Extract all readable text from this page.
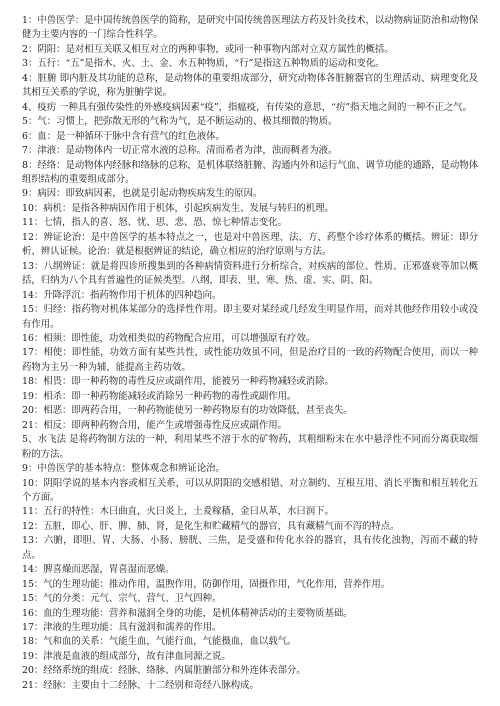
1：中兽医学：是中国传统兽医学的简称，是研究中国传统兽医理法方药及针灸技术，以动物病证防治和动物保健为主要内容的一门综合性科学。

2：阴阳：是对相互关联又相互对立的两种事物，或同一种事物内部对立双方属性的概括。

3：五行：“五”是指木、火、土、金、水五种物质，“行”是指这五种物质的运动和变化。

4：脏腑 即内脏及其功能的总称，是动物体的重要组成部分，研究动物体各脏腑器官的生理活动、病理变化及其相互关系的学说，称为脏腑学说。

4、疫疠 一种具有强传染性的外感疫病因素“疫”，指瘟疫，有传染的意思，“疠”指天地之间的一种不正之气。

5：气：习惯上，把弥散无形的气称为气，是不断运动的、极其细微的物质。

6：血：是一种循环于脉中含有营气的红色液体。

7：津液：是动物体内一切正常水液的总称。清而希者为津，浊而稠者为液。

8：经络：是动物体内经脉和络脉的总称，是机体联络脏腑、沟通内外和运行气血、调节功能的通路，是动物体组织结构的重要组成部分。

9：病因：即致病因素，也就是引起动物疾病发生的原因。

10：病机：是指各种病因作用于机体，引起疾病发生、发展与转归的机理。

11：七情，指人的喜、怒、忧、思、悲、恐、惊七种情志变化。

12：辨证论治：是中兽医学的基本特点之一，也是对中兽医理、法、方、药整个诊疗体系的概括。辨证：即分析、辨认证候。论治：就是根据辨证的结论，确立相应的治疗原则与方法。

13：八纲辨证：就是将四诊所搜集到的各种病情资料进行分析综合，对疾病的部位、性质、正邪盛衰等加以概括，归纳为八个具有普遍性的证候类型。八纲，即表、里、寒、热、虚、实、阴、阳。

14：升降浮沉：指药物作用于机体的四种趋向。

15：归经：指药物对机体某部分的选择性作用。即主要对某经或几经发生明显作用，而对其他经作用较小或没有作用。

16：相须：即性能，功效相类似的药物配合应用，可以增强原有疗效。

17：相使：即性能，功效方面有某些共性，或性能功效虽不同，但是治疗目的一致的药物配合使用，而以一种药物为主另一种为辅，能提高主药功效。

18：相畏：即一种药物的毒性反应或副作用，能被另一种药物减轻或消除。

19：相杀：即一种药物能减轻或消除另一种药物的毒性或副作用。

20：相恶：即两药合用，一种药物能使另一种药物原有的功效降低，甚至丧失。

21：相反：即两种药物合用，能产生或增强毒性反应或副作用。

5、水飞法 是将药物制方法的一种，利用某些不溶于水的矿物药，其粗细粉末在水中悬浮性不同而分离获取细粉的方法。

9：中兽医学的基本特点：整体观念和辨证论治。

10：阴阳学说的基本内容或相互关系，可以从阴阳的交感相错、对立制约、互根互用、消长平衡和相互转化五个方面。

11：五行的特性：木曰曲直，火曰炎上，土爰稼穑，金曰从革，水曰润下。

12：五脏，即心、肝、脾、肺、肾，是化生和贮藏精气的器官，具有藏精气而不泻的特点。

13：六腑，即胆、胃、大肠、小肠、膀胱、三焦，是受盛和传化水谷的器官，具有传化浊物，泻而不藏的特点。

14：脾喜燥而恶湿，胃喜湿而恶燥。

15：气的生理功能：推动作用，温煦作用，防御作用，固摄作用，气化作用，营养作用。

15：气的分类：元气、宗气、营气、卫气四种。

16：血的生理功能：营养和滋润全身的功能，是机体精神活动的主要物质基础。

17：津液的生理功能：具有滋润和濡养的作用。

18：气和血的关系：气能生血，气能行血，气能摄血，血以载气。

19：津液是血液的组成部分，故有津血同源之说。

20：经络系统的组成：经脉、络脉、内属脏腑部分和外连体表部分。

21：经脉：主要由十二经脉、十二经别和奇经八脉构成。
